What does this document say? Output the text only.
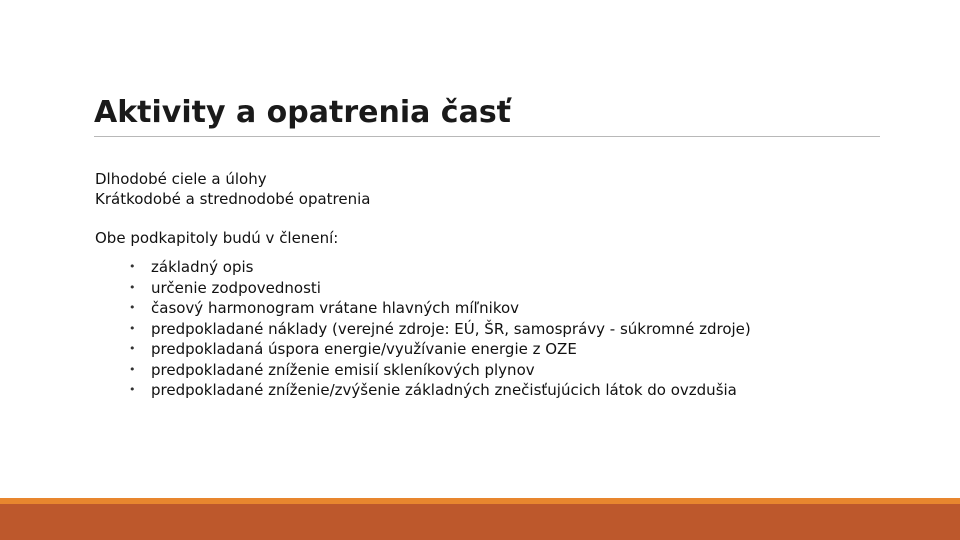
Aktivity a opatrenia časť
Dlhodobé ciele a úlohy
Krátkodobé a strednodobé opatrenia
Obe podkapitoly budú v členení:
• základný opis
• určenie zodpovednosti
• časový harmonogram vrátane hlavných míľnikov
• predpokladané náklady (verejné zdroje: EÚ, ŠR, samosprávy - súkromné zdroje)
• predpokladaná úspora energie/využívanie energie z OZE
• predpokladané zníženie emisií skleníkových plynov
• predpokladané zníženie/zvýšenie základných znečisťujúcich látok do ovzdušia
